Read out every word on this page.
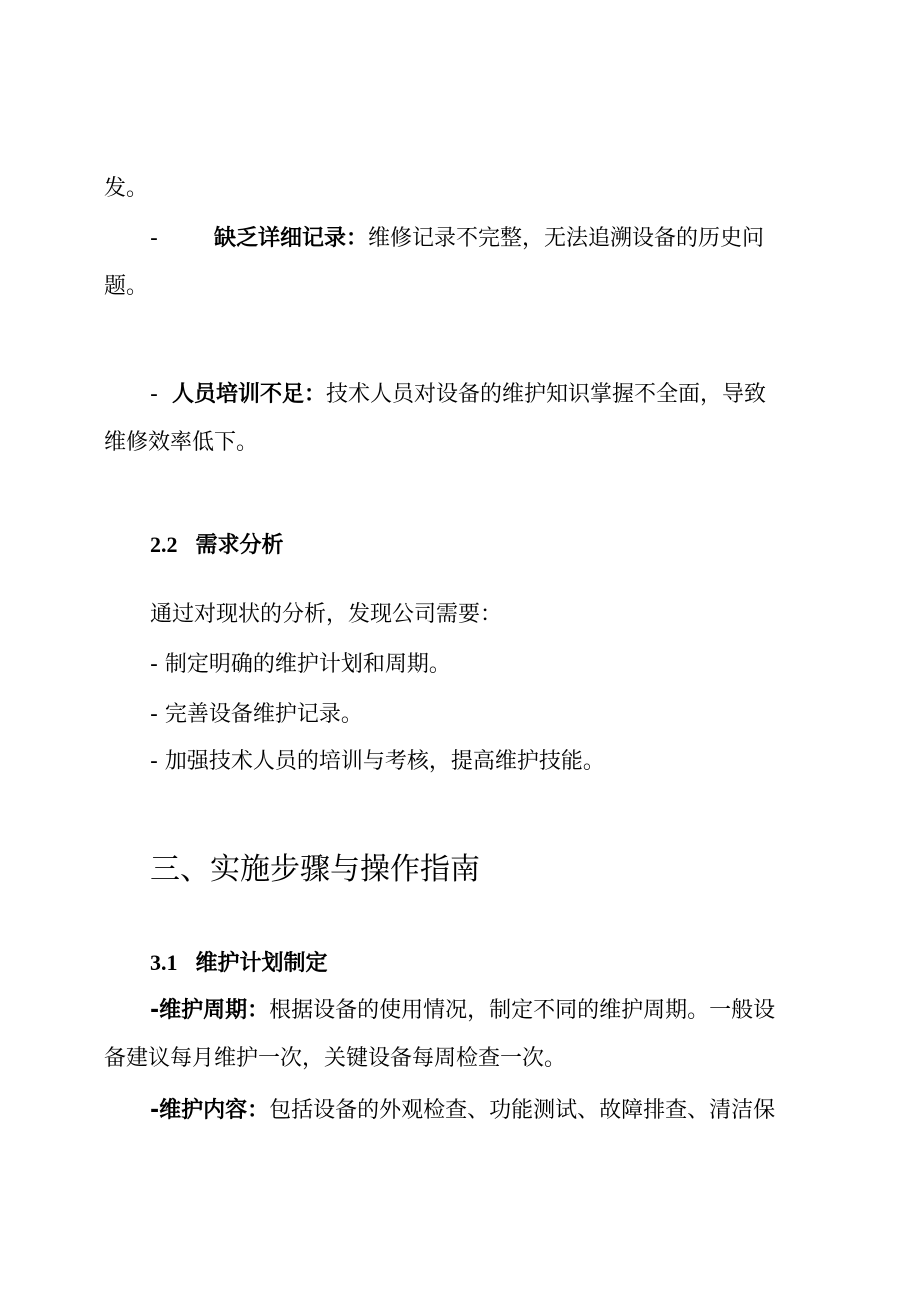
发。
-	缺乏详细记录：维修记录不完整，无法追溯设备的历史问
题。
- 人员培训不足：技术人员对设备的维护知识掌握不全面，导致
维修效率低下。
2.2 需求分析
通过对现状的分析，发现公司需要：
- 制定明确的维护计划和周期。
- 完善设备维护记录。
- 加强技术人员的培训与考核，提高维护技能。
三、实施步骤与操作指南
3.1 维护计划制定
-维护周期：根据设备的使用情况，制定不同的维护周期。一般设
备建议每月维护一次，关键设备每周检查一次。
-维护内容：包括设备的外观检查、功能测试、故障排查、清洁保
